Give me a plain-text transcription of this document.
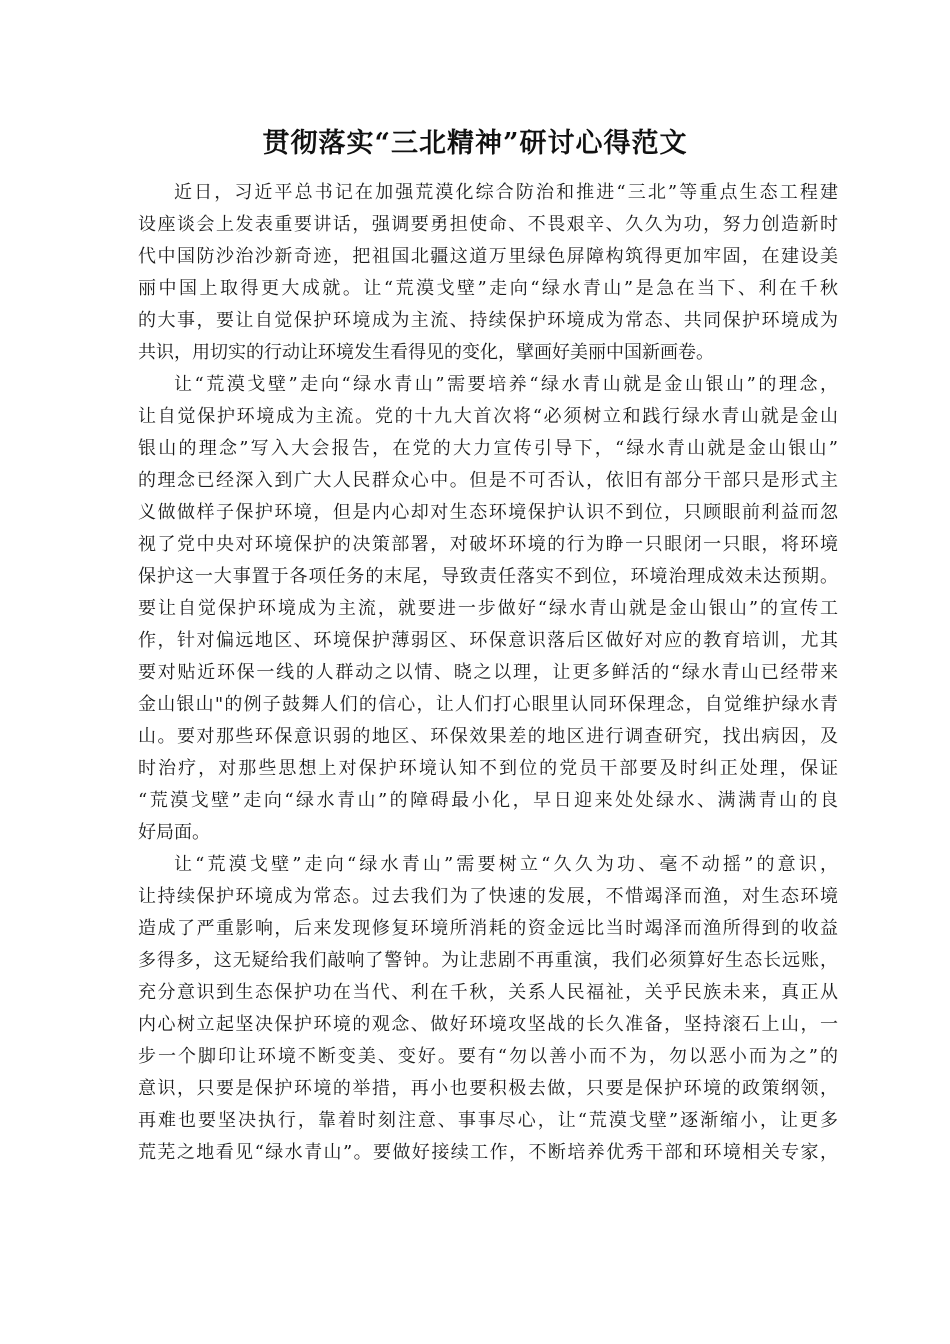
贯彻落实“三北精神”研讨心得范文
近日，习近平总书记在加强荒漠化综合防治和推进“三北”等重点生态工程建
设座谈会上发表重要讲话，强调要勇担使命、不畏艰辛、久久为功，努力创造新时
代中国防沙治沙新奇迹，把祖国北疆这道万里绿色屏障构筑得更加牢固，在建设美
丽中国上取得更大成就。让“荒漠戈壁”走向“绿水青山”是急在当下、利在千秋
的大事，要让自觉保护环境成为主流、持续保护环境成为常态、共同保护环境成为
共识，用切实的行动让环境发生看得见的变化，擘画好美丽中国新画卷。
让“荒漠戈壁”走向“绿水青山”需要培养“绿水青山就是金山银山”的理念，
让自觉保护环境成为主流。党的十九大首次将“必须树立和践行绿水青山就是金山
银山的理念”写入大会报告，在党的大力宣传引导下，“绿水青山就是金山银山”
的理念已经深入到广大人民群众心中。但是不可否认，依旧有部分干部只是形式主
义做做样子保护环境，但是内心却对生态环境保护认识不到位，只顾眼前利益而忽
视了党中央对环境保护的决策部署，对破坏环境的行为睁一只眼闭一只眼，将环境
保护这一大事置于各项任务的末尾，导致责任落实不到位，环境治理成效未达预期。
要让自觉保护环境成为主流，就要进一步做好“绿水青山就是金山银山”的宣传工
作，针对偏远地区、环境保护薄弱区、环保意识落后区做好对应的教育培训，尤其
要对贴近环保一线的人群动之以情、晓之以理，让更多鲜活的“绿水青山已经带来
金山银山"的例子鼓舞人们的信心，让人们打心眼里认同环保理念，自觉维护绿水青
山。要对那些环保意识弱的地区、环保效果差的地区进行调查研究，找出病因，及
时治疗，对那些思想上对保护环境认知不到位的党员干部要及时纠正处理，保证
“荒漠戈壁”走向“绿水青山”的障碍最小化，早日迎来处处绿水、满满青山的良
好局面。
让“荒漠戈壁”走向“绿水青山”需要树立“久久为功、毫不动摇”的意识，
让持续保护环境成为常态。过去我们为了快速的发展，不惜竭泽而渔，对生态环境
造成了严重影响，后来发现修复环境所消耗的资金远比当时竭泽而渔所得到的收益
多得多，这无疑给我们敲响了警钟。为让悲剧不再重演，我们必须算好生态长远账，
充分意识到生态保护功在当代、利在千秋，关系人民福祉，关乎民族未来，真正从
内心树立起坚决保护环境的观念、做好环境攻坚战的长久准备，坚持滚石上山，一
步一个脚印让环境不断变美、变好。要有“勿以善小而不为，勿以恶小而为之”的
意识，只要是保护环境的举措，再小也要积极去做，只要是保护环境的政策纲领，
再难也要坚决执行，靠着时刻注意、事事尽心，让“荒漠戈壁”逐渐缩小，让更多
荒芜之地看见“绿水青山”。要做好接续工作，不断培养优秀干部和环境相关专家，
